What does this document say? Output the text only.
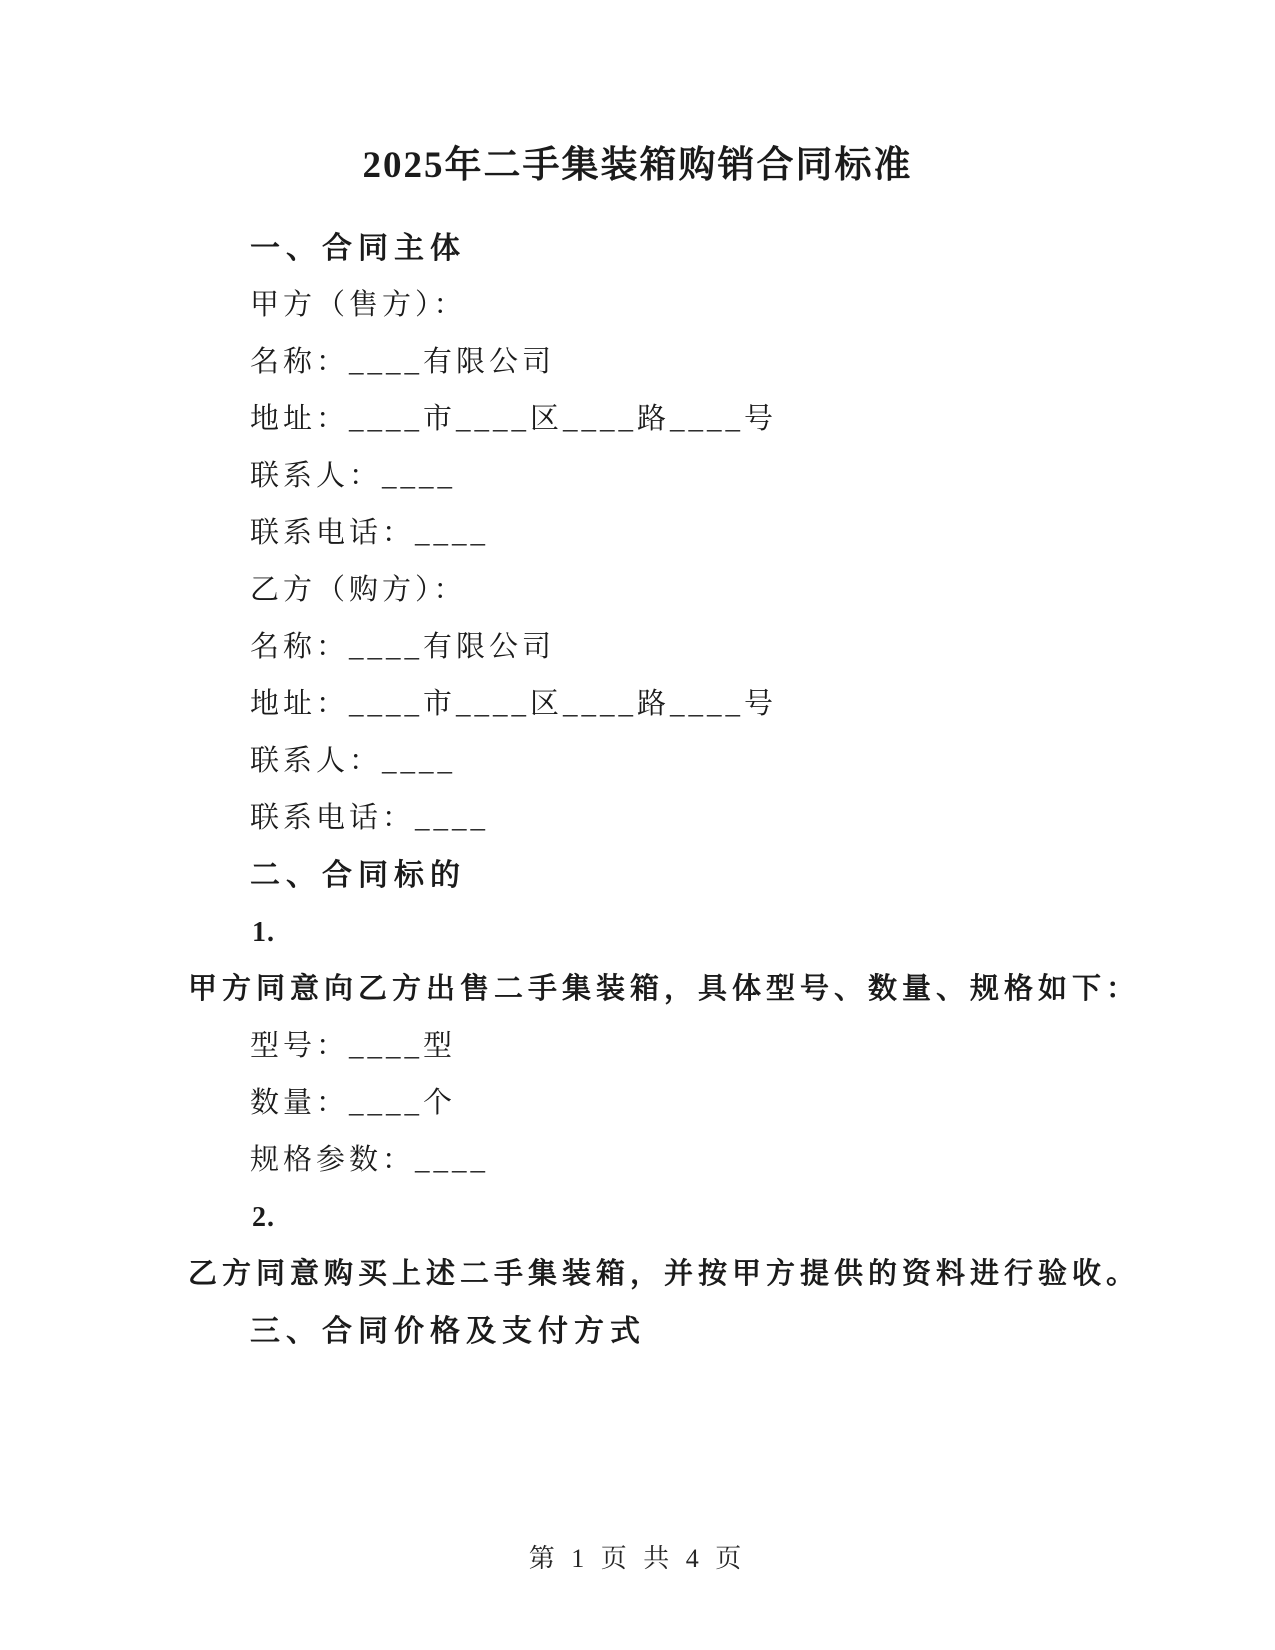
2025年二手集装箱购销合同标准
一、合同主体
甲方（售方）：
名称：____有限公司
地址：____市____区____路____号
联系人：____
联系电话：____
乙方（购方）：
名称：____有限公司
地址：____市____区____路____号
联系人：____
联系电话：____
二、合同标的
1.
甲方同意向乙方出售二手集装箱，具体型号、数量、规格如下：
型号：____型
数量：____个
规格参数：____
2.
乙方同意购买上述二手集装箱，并按甲方提供的资料进行验收。
三、合同价格及支付方式
第 1 页 共 4 页
